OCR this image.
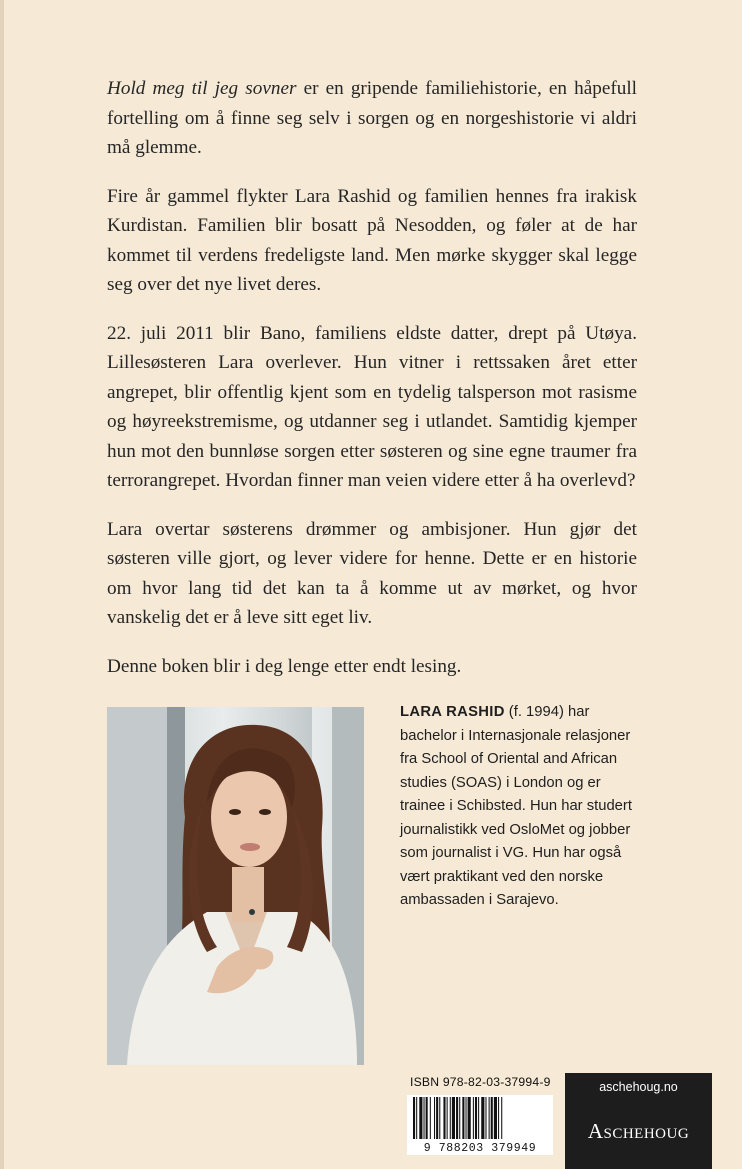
Hold meg til jeg sovner er en gripende familiehistorie, en håpefull fortelling om å finne seg selv i sorgen og en norgeshistorie vi aldri må glemme.

Fire år gammel flykter Lara Rashid og familien hennes fra irakisk Kurdistan. Familien blir bosatt på Nesodden, og føler at de har kommet til verdens fredeligste land. Men mørke skygger skal legge seg over det nye livet deres.

22. juli 2011 blir Bano, familiens eldste datter, drept på Utøya. Lillesøsteren Lara overlever. Hun vitner i rettssaken året etter angrepet, blir offentlig kjent som en tydelig talsperson mot rasisme og høyreekstremisme, og utdanner seg i utlandet. Samtidig kjemper hun mot den bunnløse sorgen etter søsteren og sine egne traumer fra terrorangrepet. Hvordan finner man veien videre etter å ha overlevd?

Lara overtar søsterens drømmer og ambisjoner. Hun gjør det søsteren ville gjort, og lever videre for henne. Dette er en historie om hvor lang tid det kan ta å komme ut av mørket, og hvor vanskelig det er å leve sitt eget liv.

Denne boken blir i deg lenge etter endt lesing.

LARA RASHID (f. 1994) har bachelor i Internasjonale relasjoner fra School of Oriental and African studies (SOAS) i London og er trainee i Schibsted. Hun har studert journalistikk ved OsloMet og jobber som journalist i VG. Hun har også vært praktikant ved den norske ambassaden i Sarajevo.
ISBN 978-82-03-37994-9
9 788203 379949
aschehoug.no
Aschehoug
